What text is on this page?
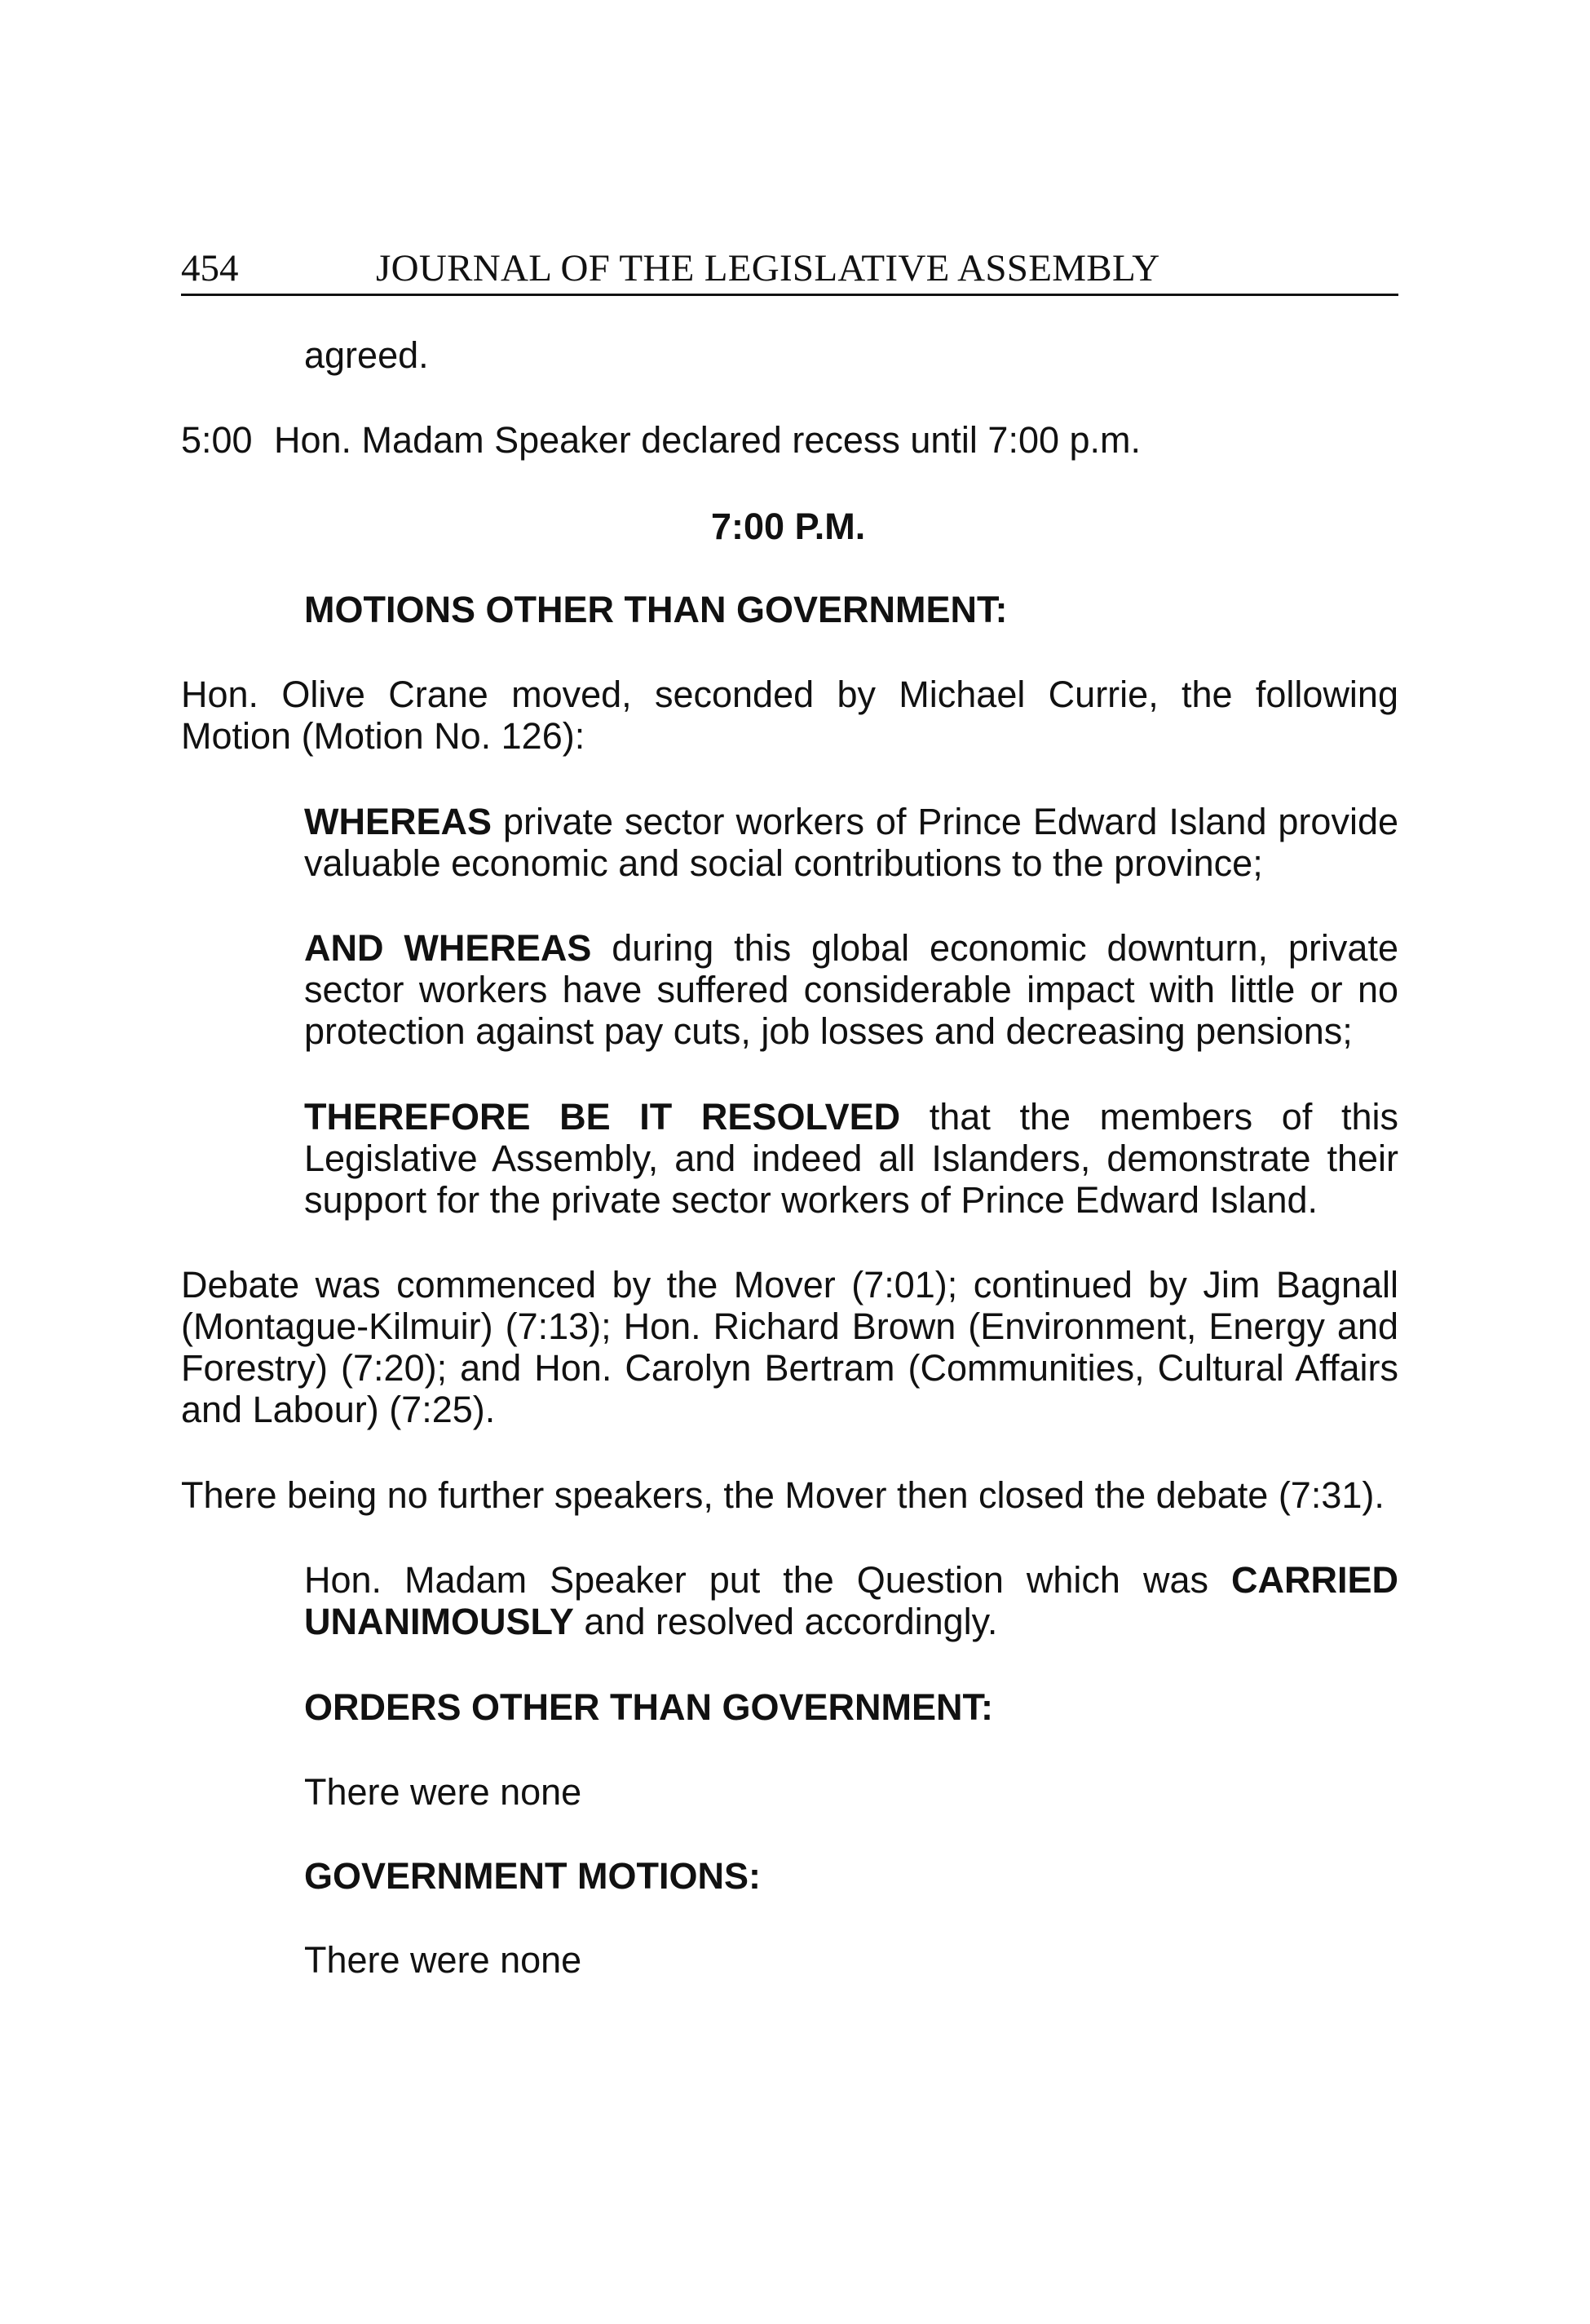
454	JOURNAL OF THE LEGISLATIVE ASSEMBLY
agreed.
5:00 Hon. Madam Speaker declared recess until 7:00 p.m.
7:00 P.M.
MOTIONS OTHER THAN GOVERNMENT:
Hon. Olive Crane moved, seconded by Michael Currie, the following Motion (Motion No. 126):
WHEREAS private sector workers of Prince Edward Island provide valuable economic and social contributions to the province;
AND WHEREAS during this global economic downturn, private sector workers have suffered considerable impact with little or no protection against pay cuts, job losses and decreasing pensions;
THEREFORE BE IT RESOLVED that the members of this Legislative Assembly, and indeed all Islanders, demonstrate their support for the private sector workers of Prince Edward Island.
Debate was commenced by the Mover (7:01); continued by Jim Bagnall (Montague-Kilmuir) (7:13); Hon. Richard Brown (Environment, Energy and Forestry) (7:20); and Hon. Carolyn Bertram (Communities, Cultural Affairs and Labour) (7:25).
There being no further speakers, the Mover then closed the debate (7:31).
Hon. Madam Speaker put the Question which was CARRIED UNANIMOUSLY and resolved accordingly.
ORDERS OTHER THAN GOVERNMENT:
There were none
GOVERNMENT MOTIONS:
There were none
